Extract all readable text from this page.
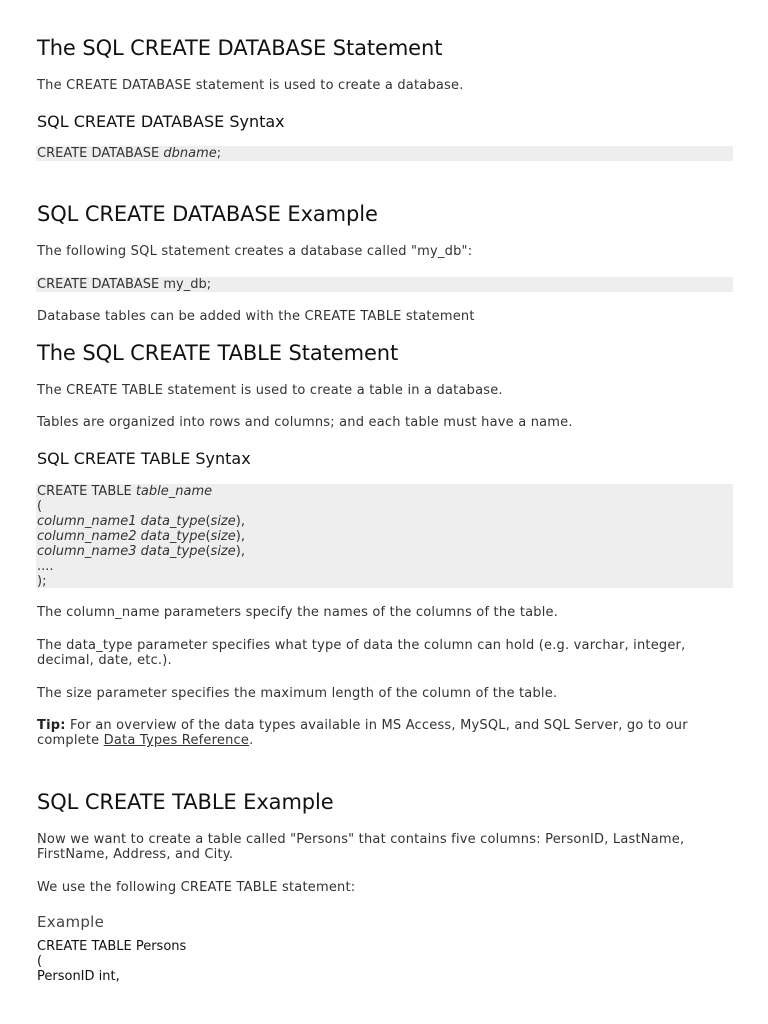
The SQL CREATE DATABASE Statement

The CREATE DATABASE statement is used to create a database.

SQL CREATE DATABASE Syntax
CREATE DATABASE dbname;
SQL CREATE DATABASE Example

The following SQL statement creates a database called "my_db":

CREATE DATABASE my_db;

Database tables can be added with the CREATE TABLE statement

The SQL CREATE TABLE Statement

The CREATE TABLE statement is used to create a table in a database.

Tables are organized into rows and columns; and each table must have a name.

SQL CREATE TABLE Syntax
CREATE TABLE table_name
(
column_name1 data_type(size),
column_name2 data_type(size),
column_name3 data_type(size),
....
);

The column_name parameters specify the names of the columns of the table.

The data_type parameter specifies what type of data the column can hold (e.g. varchar, integer, decimal, date, etc.).

The size parameter specifies the maximum length of the column of the table.

Tip: For an overview of the data types available in MS Access, MySQL, and SQL Server, go to our complete Data Types Reference.

SQL CREATE TABLE Example

Now we want to create a table called "Persons" that contains five columns: PersonID, LastName, FirstName, Address, and City.

We use the following CREATE TABLE statement:

Example
CREATE TABLE Persons
(
PersonID int,
